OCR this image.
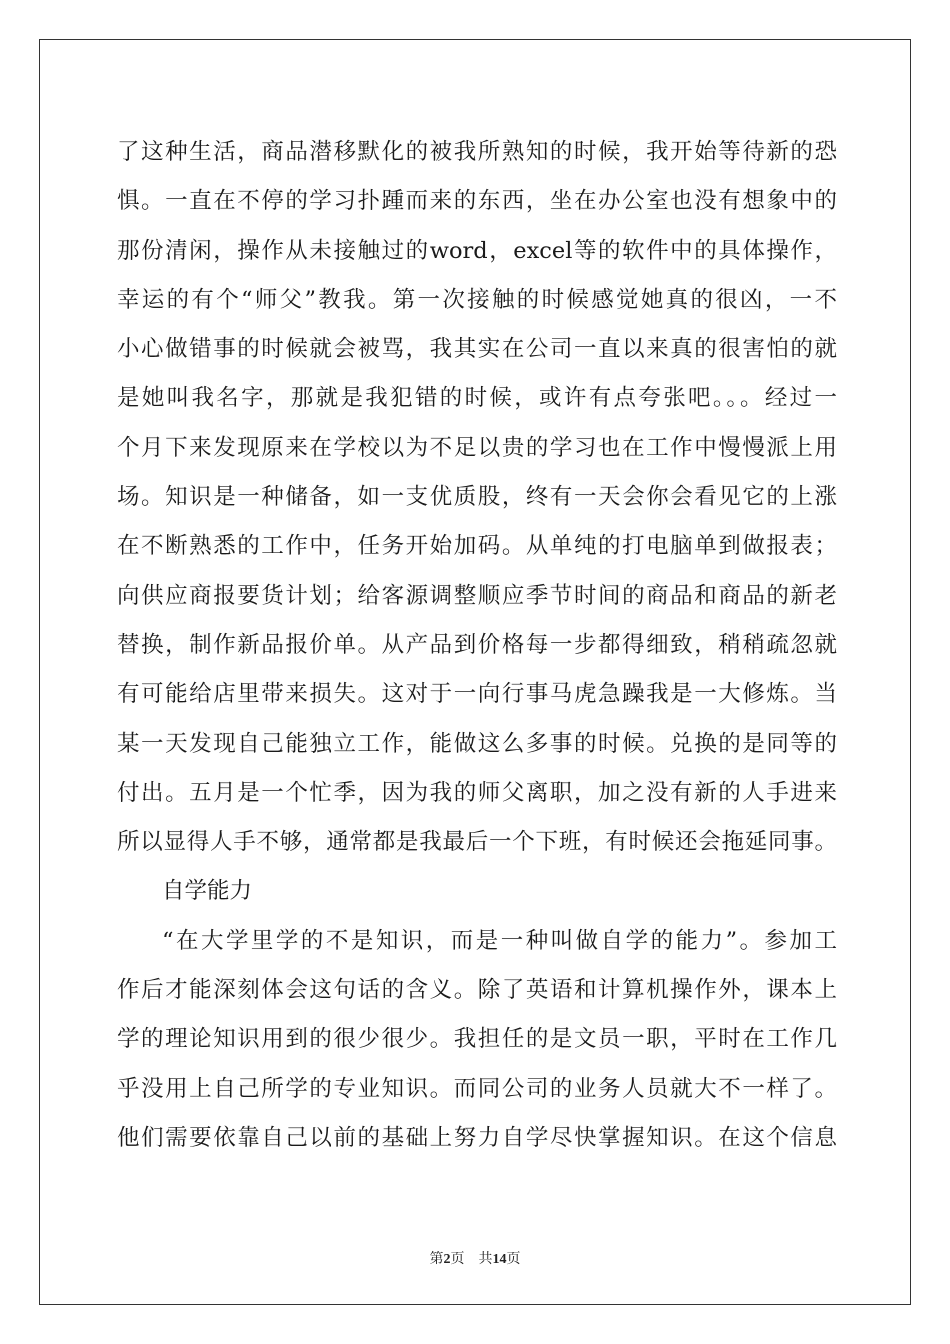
了这种生活，商品潜移默化的被我所熟知的时候，我开始等待新的恐
惧。一直在不停的学习扑踵而来的东西，坐在办公室也没有想象中的
那份清闲，操作从未接触过的word，excel等的软件中的具体操作，
幸运的有个“师父”教我。第一次接触的时候感觉她真的很凶，一不
小心做错事的时候就会被骂，我其实在公司一直以来真的很害怕的就
是她叫我名字，那就是我犯错的时候，或许有点夸张吧。。。经过一
个月下来发现原来在学校以为不足以贵的学习也在工作中慢慢派上用
场。知识是一种储备，如一支优质股，终有一天会你会看见它的上涨
在不断熟悉的工作中，任务开始加码。从单纯的打电脑单到做报表；
向供应商报要货计划；给客源调整顺应季节时间的商品和商品的新老
替换，制作新品报价单。从产品到价格每一步都得细致，稍稍疏忽就
有可能给店里带来损失。这对于一向行事马虎急躁我是一大修炼。当
某一天发现自己能独立工作，能做这么多事的时候。兑换的是同等的
付出。五月是一个忙季，因为我的师父离职，加之没有新的人手进来
所以显得人手不够，通常都是我最后一个下班，有时候还会拖延同事。
自学能力
“在大学里学的不是知识，而是一种叫做自学的能力”。参加工
作后才能深刻体会这句话的含义。除了英语和计算机操作外，课本上
学的理论知识用到的很少很少。我担任的是文员一职，平时在工作几
乎没用上自己所学的专业知识。而同公司的业务人员就大不一样了。
他们需要依靠自己以前的基础上努力自学尽快掌握知识。在这个信息
第2页　共14页
